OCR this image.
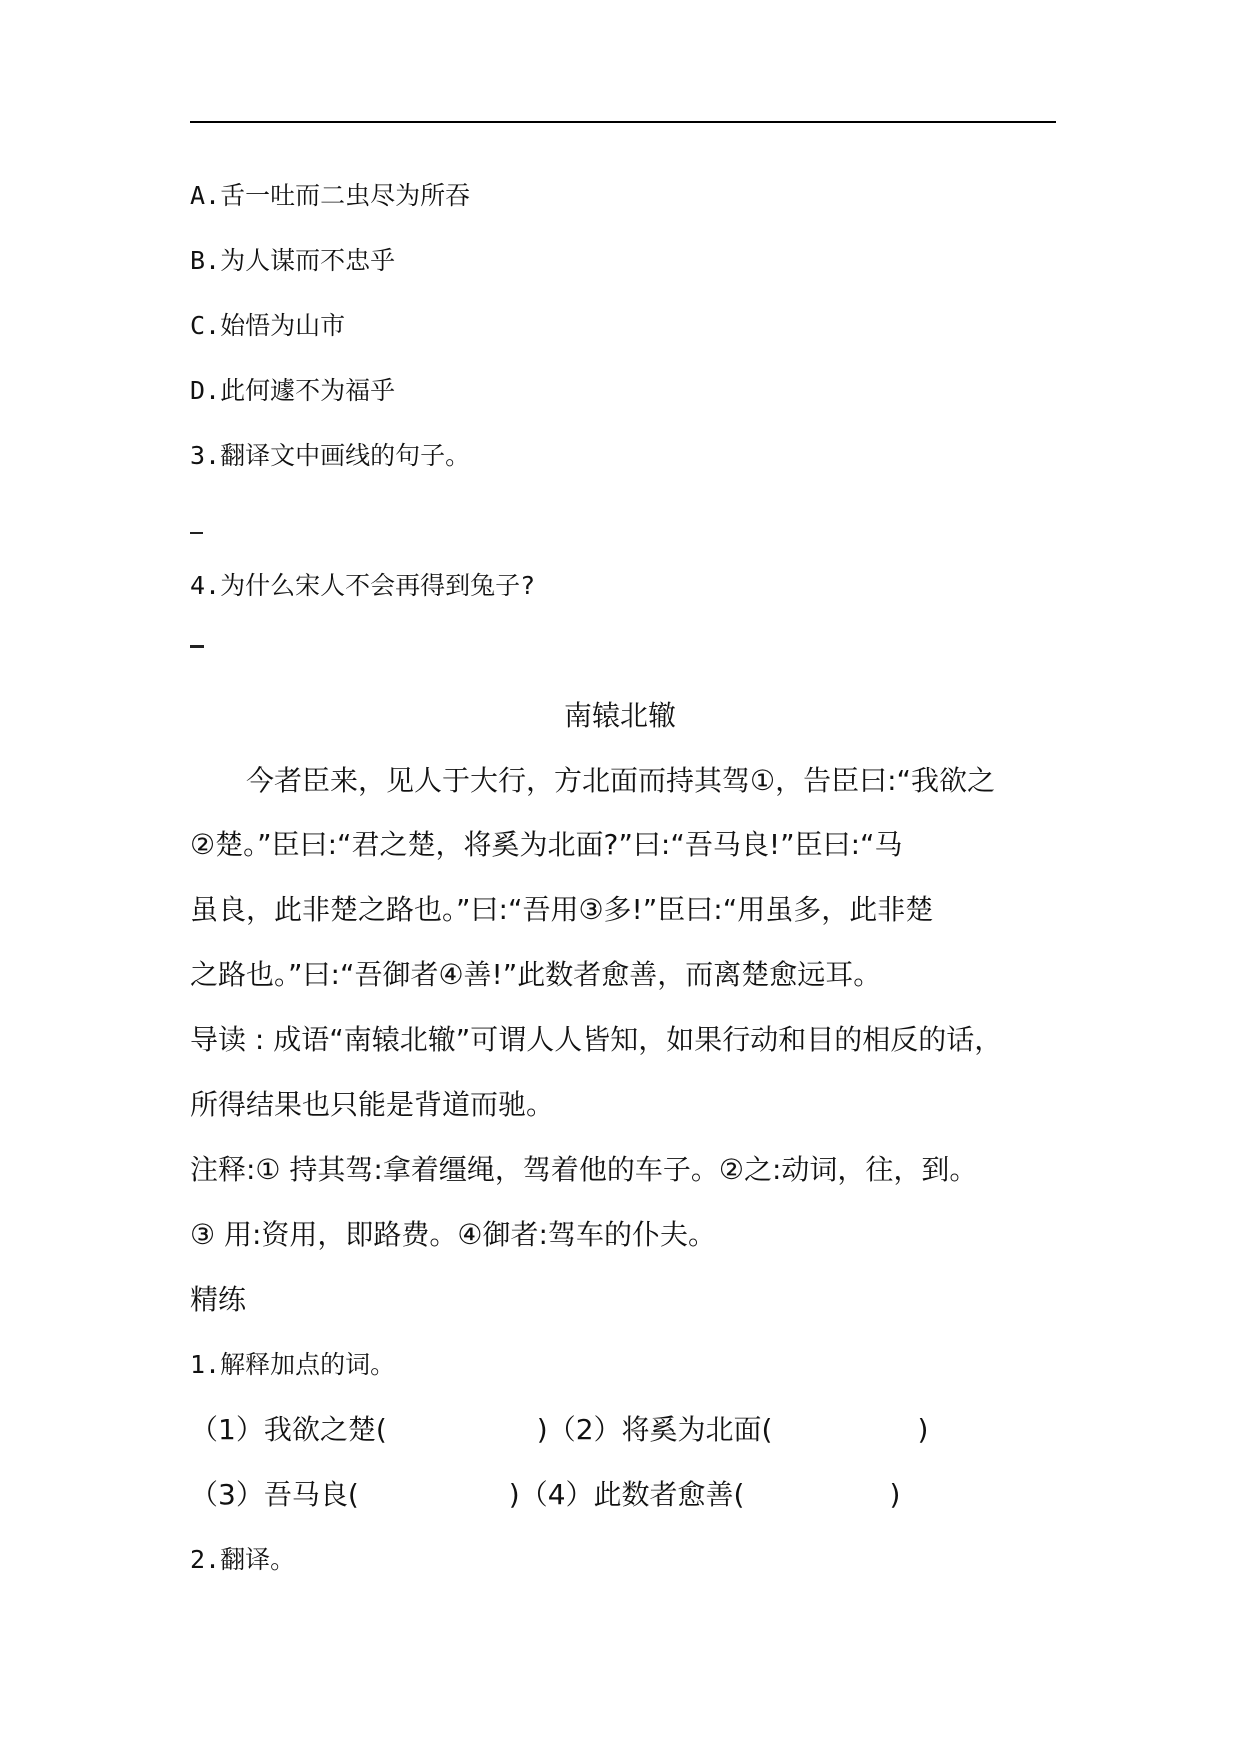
A.舌一吐而二虫尽为所吞
B.为人谋而不忠乎
C.始悟为山市
D.此何遽不为福乎
3.翻译文中画线的句子。
4.为什么宋人不会再得到兔子?
南辕北辙
今者臣来，见人于大行，方北面而持其驾①，告臣曰:“我欲之
②楚。”臣曰:“君之楚，将奚为北面?”曰:“吾马良!”臣曰:“马
虽良，此非楚之路也。”曰:“吾用③多!”臣曰:“用虽多，此非楚
之路也。”曰:“吾御者④善!”此数者愈善，而离楚愈远耳。
导读 : 成语“南辕北辙”可谓人人皆知，如果行动和目的相反的话，
所得结果也只能是背道而驰。
注释:① 持其驾:拿着缰绳，驾着他的车子。②之:动词，往，到。
③ 用:资用，即路费。④御者:驾车的仆夫。
精练
1.解释加点的词。
（1）我欲之楚(	)（2）将奚为北面(	)
（3）吾马良(	)（4）此数者愈善(	)
2.翻译。
